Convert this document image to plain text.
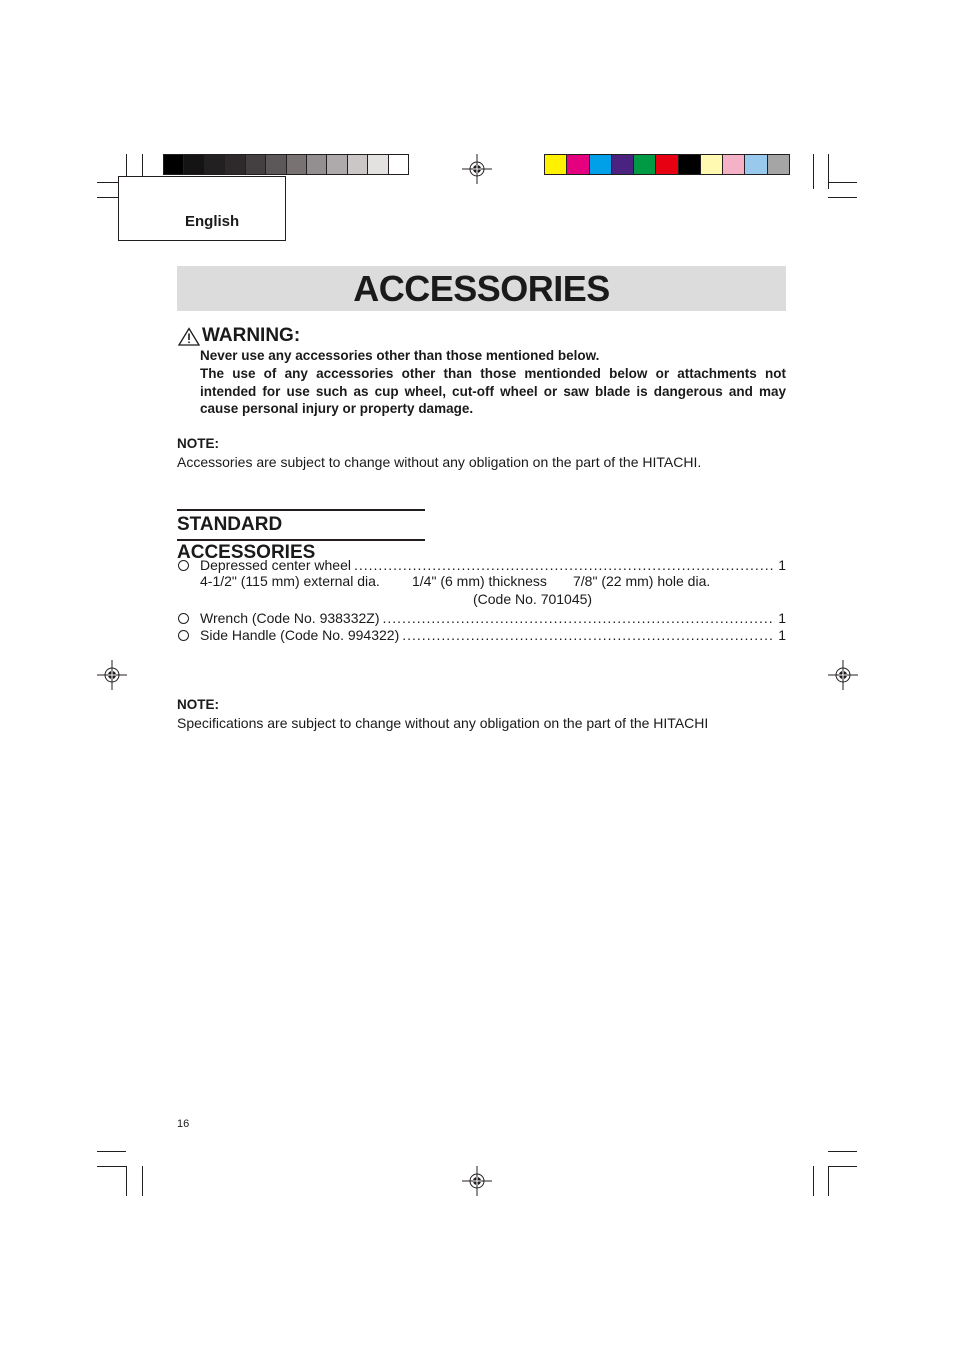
English
ACCESSORIES
WARNING:

Never use any accessories other than those mentioned below.

The use of any accessories other than those mentionded below or attachments not intended for use such as cup wheel, cut-off wheel or saw blade is dangerous and may cause personal injury or property damage.

NOTE:
Accessories are subject to change without any obligation on the part of the HITACHI.
STANDARD ACCESSORIES
Depressed center wheel .....	1
4-1/2" (115 mm) external dia. 1/4" (6 mm) thickness 7/8" (22 mm) hole dia.
(Code No. 701045)
Wrench (Code No. 938332Z) .....	1
Side Handle (Code No. 994322) .....	1
NOTE:
Specifications are subject to change without any obligation on the part of the HITACHI
16
